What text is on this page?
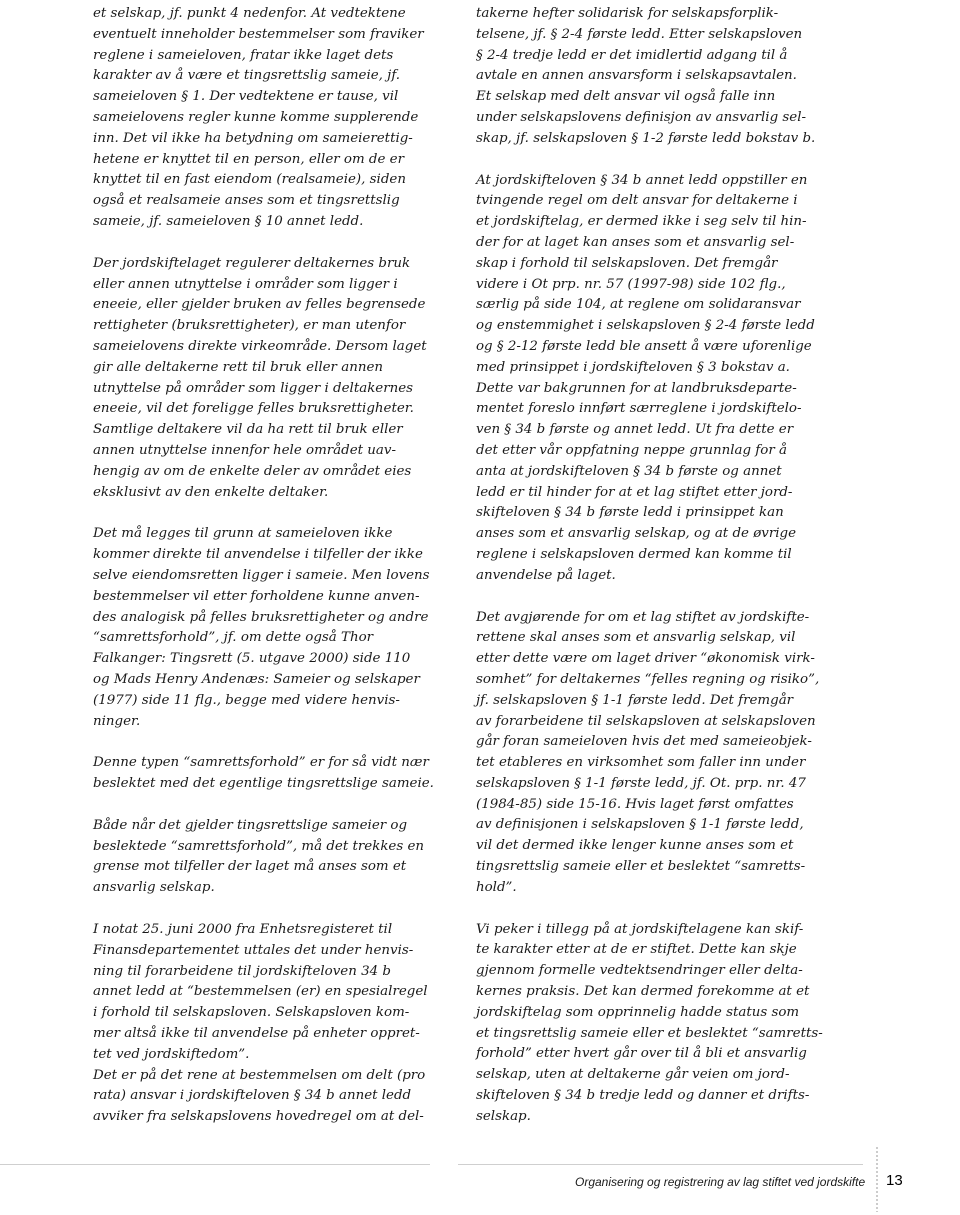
et selskap, jf. punkt 4 nedenfor. At vedtektene
eventuelt inneholder bestemmelser som fraviker
reglene i sameieloven, fratar ikke laget dets
karakter av å være et tingsrettslig sameie, jf.
sameieloven § 1. Der vedtektene er tause, vil
sameielovens regler kunne komme supplerende
inn. Det vil ikke ha betydning om sameierettig-
hetene er knyttet til en person, eller om de er
knyttet til en fast eiendom (realsameie), siden
også et realsameie anses som et tingsrettslig
sameie, jf. sameieloven § 10 annet ledd.
Der jordskiftelaget regulerer deltakernes bruk
eller annen utnyttelse i områder som ligger i
eneeie, eller gjelder bruken av felles begrensede
rettigheter (bruksrettigheter), er man utenfor
sameielovens direkte virkeområde. Dersom laget
gir alle deltakerne rett til bruk eller annen
utnyttelse på områder som ligger i deltakernes
eneeie, vil det foreligge felles bruksrettigheter.
Samtlige deltakere vil da ha rett til bruk eller
annen utnyttelse innenfor hele området uav-
hengig av om de enkelte deler av området eies
eksklusivt av den enkelte deltaker.
Det må legges til grunn at sameieloven ikke
kommer direkte til anvendelse i tilfeller der ikke
selve eiendomsretten ligger i sameie. Men lovens
bestemmelser vil etter forholdene kunne anven-
des analogisk på felles bruksrettigheter og andre
“samrettsforhold”, jf. om dette også Thor
Falkanger: Tingsrett (5. utgave 2000) side 110
og Mads Henry Andenæs: Sameier og selskaper
(1977) side 11 flg., begge med videre henvis-
ninger.
Denne typen “samrettsforhold” er for så vidt nær
beslektet med det egentlige tingsrettslige sameie.
Både når det gjelder tingsrettslige sameier og
beslektede “samrettsforhold”, må det trekkes en
grense mot tilfeller der laget må anses som et
ansvarlig selskap.
I notat 25. juni 2000 fra Enhetsregisteret til
Finansdepartementet uttales det under henvis-
ning til forarbeidene til jordskifteloven 34 b
annet ledd at “bestemmelsen (er) en spesialregel
i forhold til selskapsloven. Selskapsloven kom-
mer altså ikke til anvendelse på enheter oppret-
tet ved jordskiftedom”.
Det er på det rene at bestemmelsen om delt (pro
rata) ansvar i jordskifteloven § 34 b annet ledd
avviker fra selskapslovens hovedregel om at del-
takerne hefter solidarisk for selskapsforplik-
telsene, jf. § 2-4 første ledd. Etter selskapsloven
§ 2-4 tredje ledd er det imidlertid adgang til å
avtale en annen ansvarsform i selskapsavtalen.
Et selskap med delt ansvar vil også falle inn
under selskapslovens definisjon av ansvarlig sel-
skap, jf. selskapsloven § 1-2 første ledd bokstav b.
At jordskifteloven § 34 b annet ledd oppstiller en
tvingende regel om delt ansvar for deltakerne i
et jordskiftelag, er dermed ikke i seg selv til hin-
der for at laget kan anses som et ansvarlig sel-
skap i forhold til selskapsloven. Det fremgår
videre i Ot prp. nr. 57 (1997-98) side 102 flg.,
særlig på side 104, at reglene om solidaransvar
og enstemmighet i selskapsloven § 2-4 første ledd
og § 2-12 første ledd ble ansett å være uforenlige
med prinsippet i jordskifteloven § 3 bokstav a.
Dette var bakgrunnen for at landbruksdeparte-
mentet foreslo innført særreglene i jordskiftelo-
ven § 34 b første og annet ledd. Ut fra dette er
det etter vår oppfatning neppe grunnlag for å
anta at jordskifteloven § 34 b første og annet
ledd er til hinder for at et lag stiftet etter jord-
skifteloven § 34 b første ledd i prinsippet kan
anses som et ansvarlig selskap, og at de øvrige
reglene i selskapsloven dermed kan komme til
anvendelse på laget.
Det avgjørende for om et lag stiftet av jordskifte-
rettene skal anses som et ansvarlig selskap, vil
etter dette være om laget driver “økonomisk virk-
somhet” for deltakernes “felles regning og risiko”,
jf. selskapsloven § 1-1 første ledd. Det fremgår
av forarbeidene til selskapsloven at selskapsloven
går foran sameieloven hvis det med sameieobjek-
tet etableres en virksomhet som faller inn under
selskapsloven § 1-1 første ledd, jf. Ot. prp. nr. 47
(1984-85) side 15-16. Hvis laget først omfattes
av definisjonen i selskapsloven § 1-1 første ledd,
vil det dermed ikke lenger kunne anses som et
tingsrettslig sameie eller et beslektet “samretts-
hold”.
Vi peker i tillegg på at jordskiftelagene kan skif-
te karakter etter at de er stiftet. Dette kan skje
gjennom formelle vedtektsendringer eller delta-
kernes praksis. Det kan dermed forekomme at et
jordskiftelag som opprinnelig hadde status som
et tingsrettslig sameie eller et beslektet “samretts-
forhold” etter hvert går over til å bli et ansvarlig
selskap, uten at deltakerne går veien om jord-
skifteloven § 34 b tredje ledd og danner et drifts-
selskap.
Organisering og registrering av lag stiftet ved jordskifte 13
